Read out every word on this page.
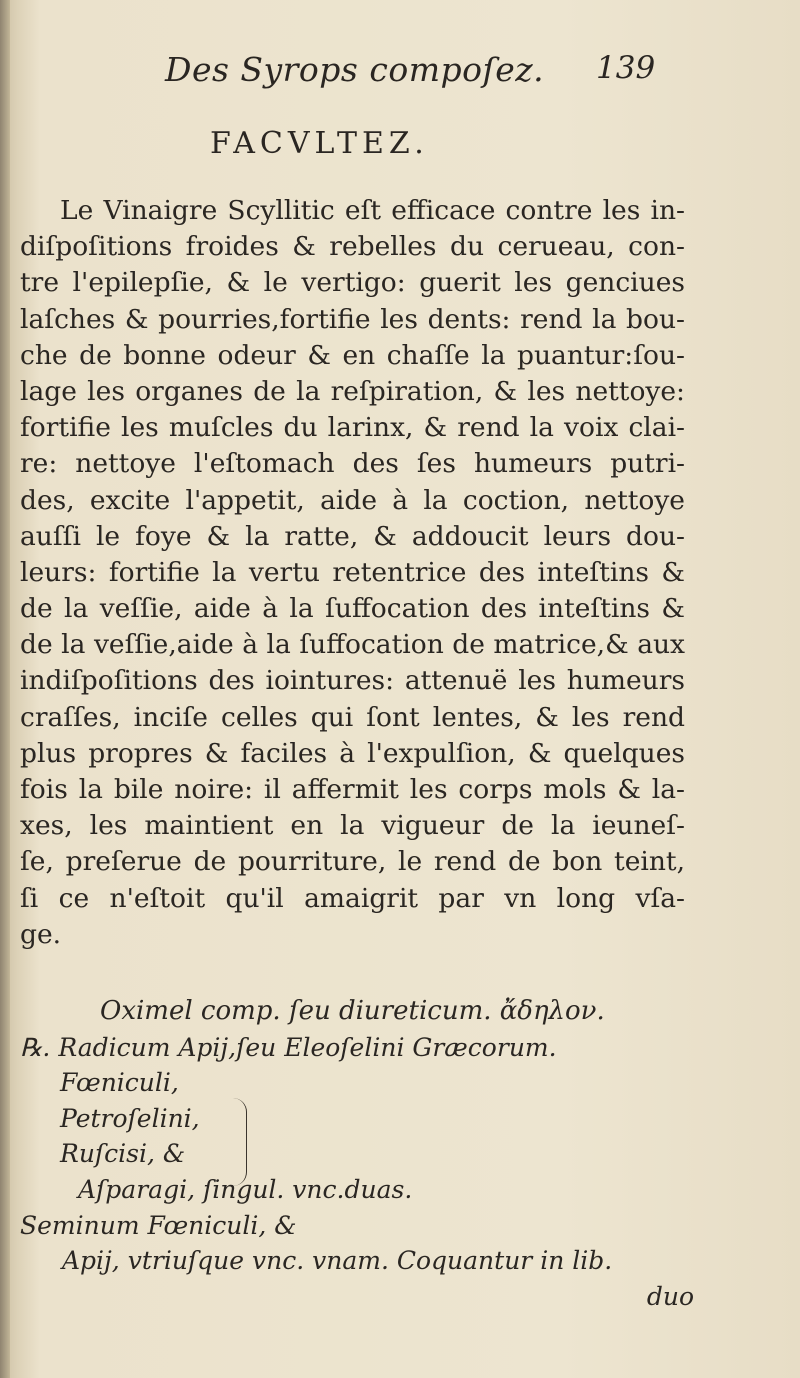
Des Syrops compoſez. 139
FACVLTEZ.
Le Vinaigre Scyllitic eſt efficace contre les in-
diſpoſitions froides & rebelles du cerueau, con-
tre l'epilepſie, & le vertigo: guerit les genciues
laſches & pourries,fortifie les dents: rend la bou-
che de bonne odeur & en chaſſe la puantur:ſou-
lage les organes de la reſpiration, & les nettoye:
fortifie les muſcles du larinx, & rend la voix clai-
re: nettoye l'eſtomach des ſes humeurs putri-
des, excite l'appetit, aide à la coction, nettoye
auſſi le foye & la ratte, & addoucit leurs dou-
leurs: fortifie la vertu retentrice des inteſtins &
de la veſſie, aide à la ſuffocation des inteſtins &
de la veſſie,aide à la ſuffocation de matrice,& aux
indiſpoſitions des iointures: attenuë les humeurs
craſſes, inciſe celles qui ſont lentes, & les rend
plus propres & faciles à l'expulſion, & quelques
fois la bile noire: il affermit les corps mols & la-
xes, les maintient en la vigueur de la ieuneſ-
ſe, preſerue de pourriture, le rend de bon teint,
ſi ce n'eſtoit qu'il amaigrit par vn long vſa-
ge.
Oximel comp. ſeu diureticum. ἄδηλον.
℞. Radicum Apij,ſeu Eleoſelini Græcorum.
Fœniculi,
Petroſelini,
Ruſcisi, &
Aſparagi, ſingul. vnc.duas.
Seminum Fœniculi, &
Apij, vtriuſque vnc. vnam. Coquantur in lib.
duo
